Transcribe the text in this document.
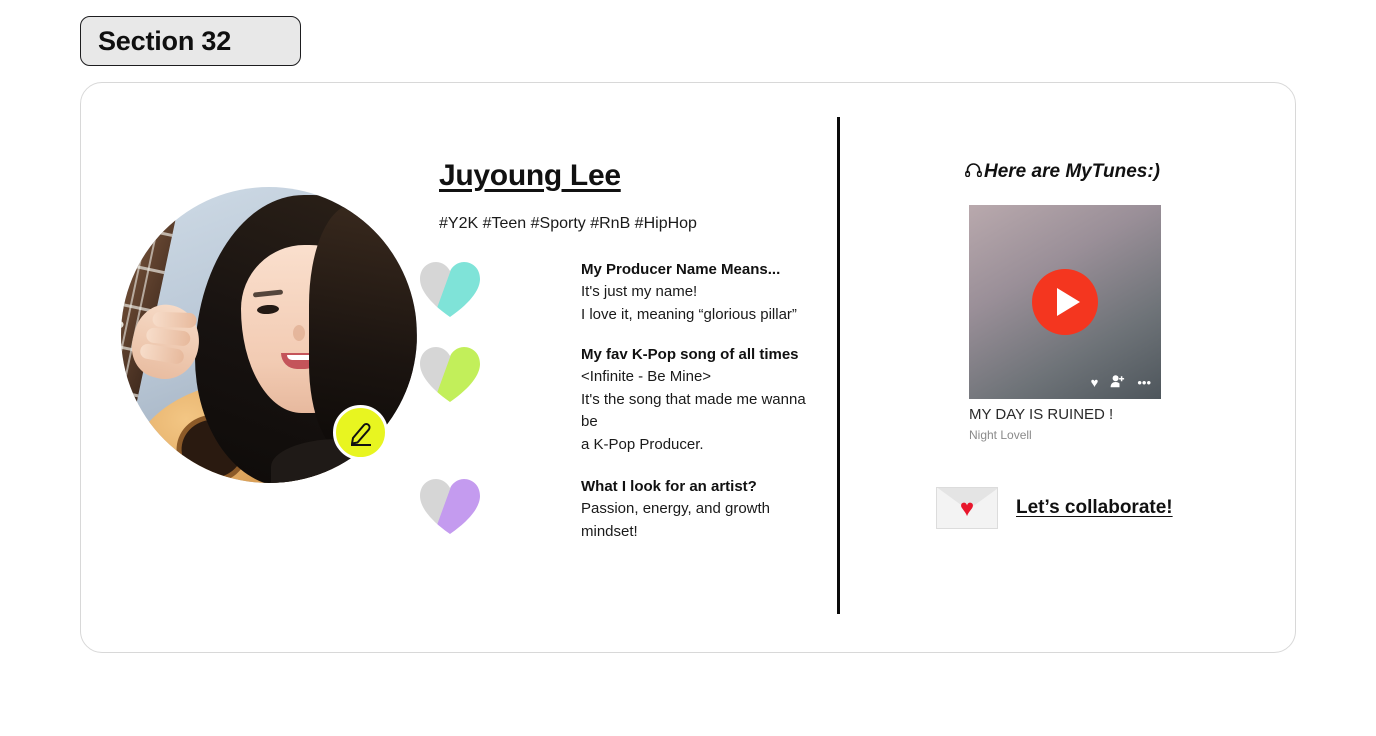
Section 32
Juyoung Lee
#Y2K #Teen #Sporty #RnB #HipHop
My Producer Name Means...
It's just my name!
I love it, meaning “glorious pillar”
My fav K-Pop song of all times
<Infinite - Be Mine>
It's the song that made me wanna be
a K-Pop Producer.
What I look for an artist?
Passion, energy, and growth mindset!
Here are MyTunes:)
♥	•••
MY DAY IS RUINED !
Night Lovell
♥ Let’s collaborate!
